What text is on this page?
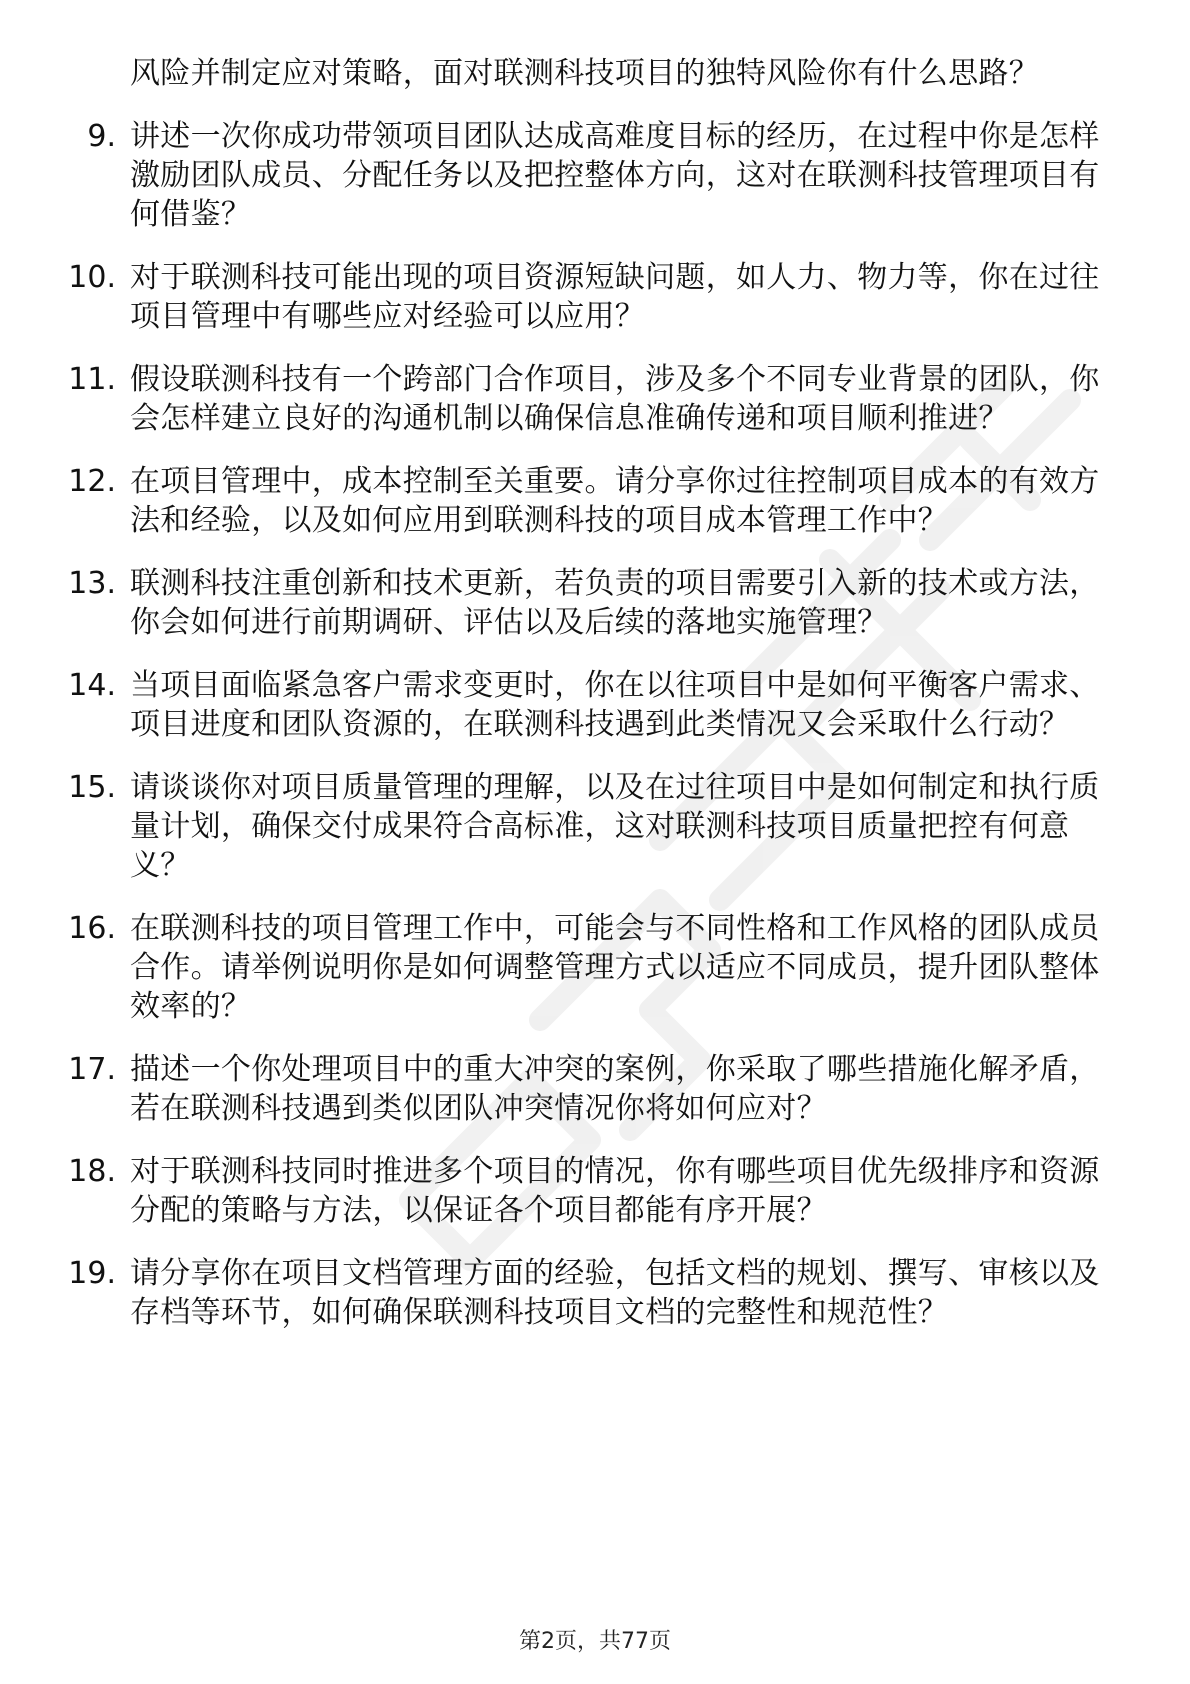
风险并制定应对策略，面对联测科技项目的独特风险你有什么思路？
9. 讲述一次你成功带领项目团队达成高难度目标的经历，在过程中你是怎样激励团队成员、分配任务以及把控整体方向，这对在联测科技管理项目有何借鉴？
10. 对于联测科技可能出现的项目资源短缺问题，如人力、物力等，你在过往项目管理中有哪些应对经验可以应用？
11. 假设联测科技有一个跨部门合作项目，涉及多个不同专业背景的团队，你会怎样建立良好的沟通机制以确保信息准确传递和项目顺利推进？
12. 在项目管理中，成本控制至关重要。请分享你过往控制项目成本的有效方法和经验，以及如何应用到联测科技的项目成本管理工作中？
13. 联测科技注重创新和技术更新，若负责的项目需要引入新的技术或方法，你会如何进行前期调研、评估以及后续的落地实施管理？
14. 当项目面临紧急客户需求变更时，你在以往项目中是如何平衡客户需求、项目进度和团队资源的，在联测科技遇到此类情况又会采取什么行动？
15. 请谈谈你对项目质量管理的理解，以及在过往项目中是如何制定和执行质量计划，确保交付成果符合高标准，这对联测科技项目质量把控有何意义？
16. 在联测科技的项目管理工作中，可能会与不同性格和工作风格的团队成员合作。请举例说明你是如何调整管理方式以适应不同成员，提升团队整体效率的？
17. 描述一个你处理项目中的重大冲突的案例，你采取了哪些措施化解矛盾，若在联测科技遇到类似团队冲突情况你将如何应对？
18. 对于联测科技同时推进多个项目的情况，你有哪些项目优先级排序和资源分配的策略与方法，以保证各个项目都能有序开展？
19. 请分享你在项目文档管理方面的经验，包括文档的规划、撰写、审核以及存档等环节，如何确保联测科技项目文档的完整性和规范性？
第2页，共77页
